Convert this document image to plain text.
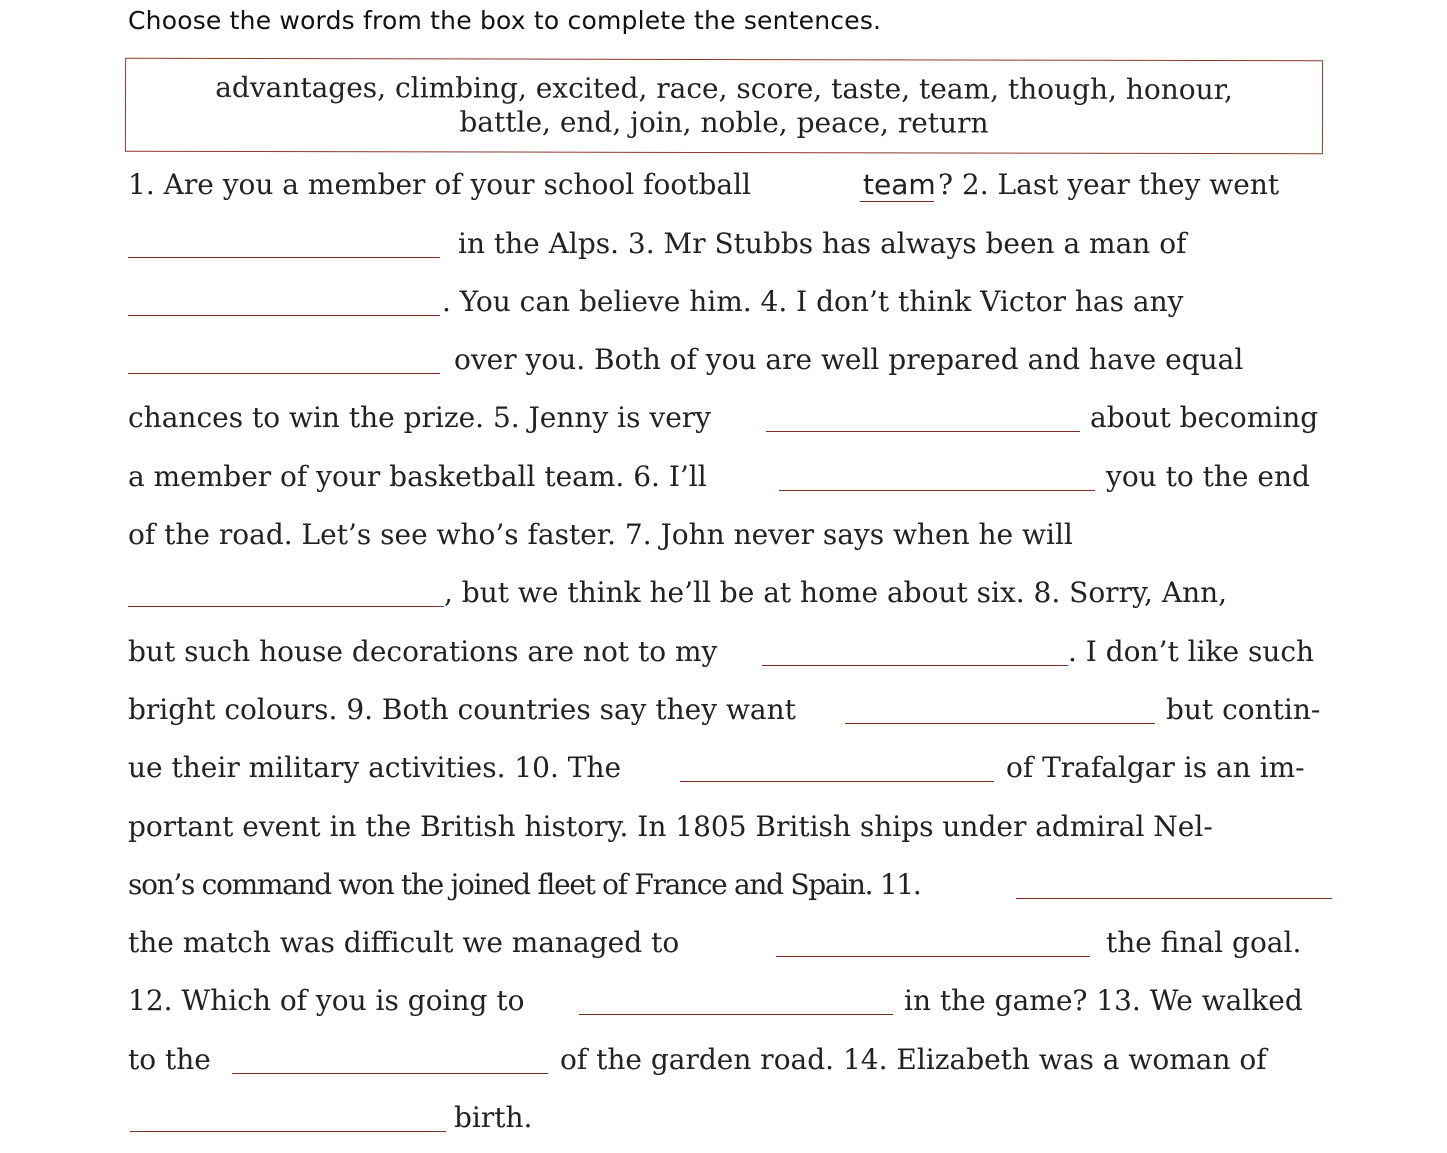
Choose the words from the box to complete the sentences.
advantages, climbing, excited, race, score, taste, team, though, honour,
battle, end, join, noble, peace, return
1. Are you a member of your school football	team ? 2. Last year they went
in the Alps. 3. Mr Stubbs has always been a man of
. You can believe him. 4. I don’t think Victor has any
over you. Both of you are well prepared and have equal
chances to win the prize. 5. Jenny is very	about becoming
a member of your basketball team. 6. I’ll	you to the end
of the road. Let’s see who’s faster. 7. John never says when he will
, but we think he’ll be at home about six. 8. Sorry, Ann,
but such house decorations are not to my	. I don’t like such
bright colours. 9. Both countries say they want	but contin-
ue their military activities. 10. The	of Trafalgar is an im-
portant event in the British history. In 1805 British ships under admiral Nel-
son’s command won the joined fleet of France and Spain. 11.
the match was difficult we managed to	the final goal.
12. Which of you is going to	in the game? 13. We walked
to the	of the garden road. 14. Elizabeth was a woman of
birth.
